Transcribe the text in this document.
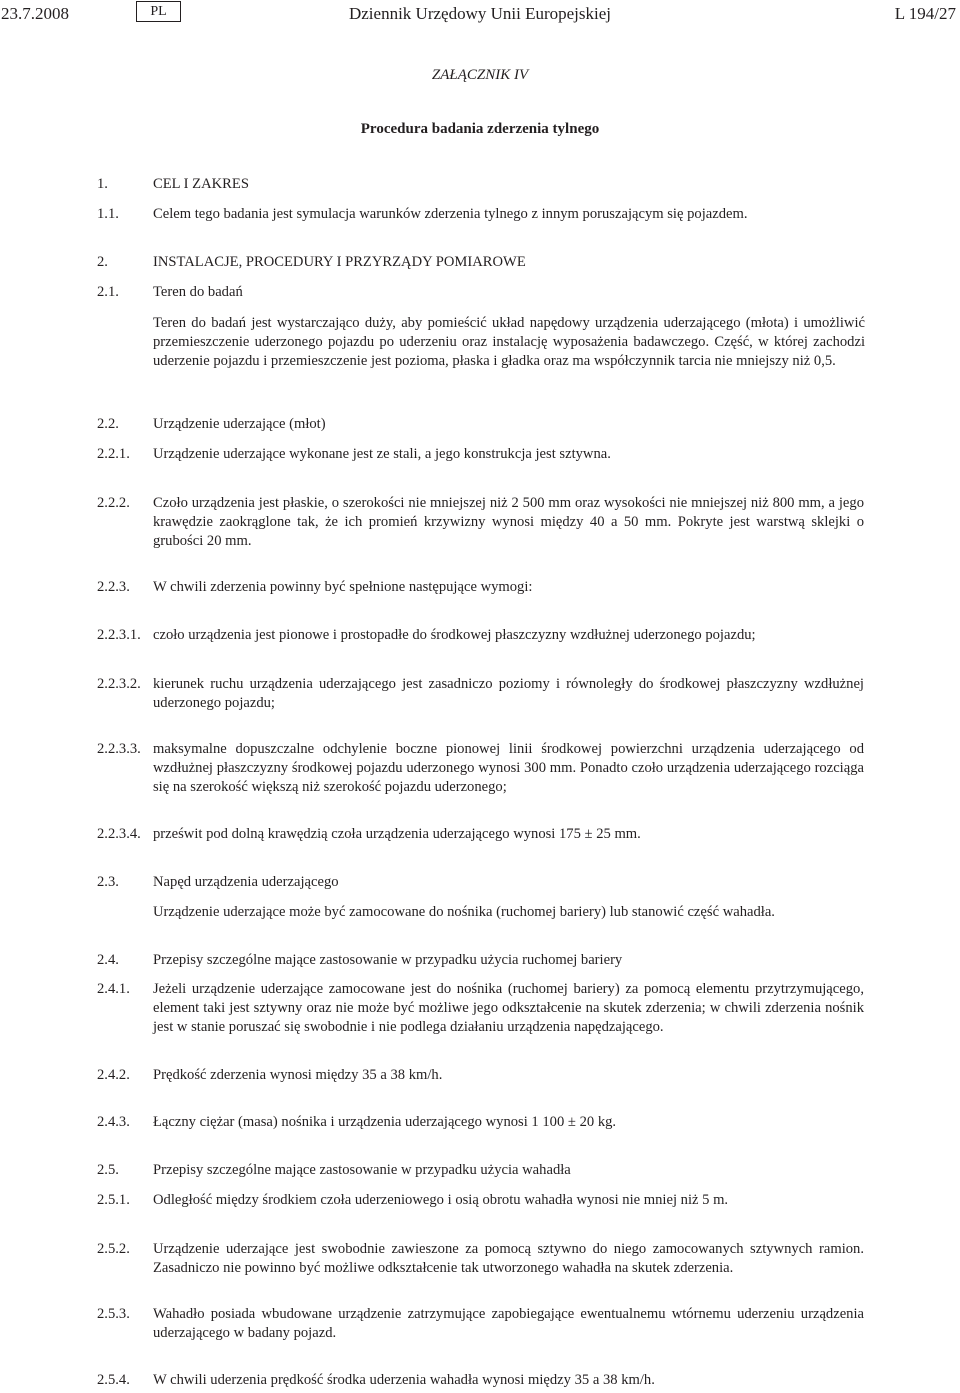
23.7.2008	PL	Dziennik Urzędowy Unii Europejskiej	L 194/27
ZAŁĄCZNIK IV
Procedura badania zderzenia tylnego
1.	CEL I ZAKRES
1.1. Celem tego badania jest symulacja warunków zderzenia tylnego z innym poruszającym się pojazdem.
2.	INSTALACJE, PROCEDURY I PRZYRZĄDY POMIAROWE
2.1. Teren do badań
Teren do badań jest wystarczająco duży, aby pomieścić układ napędowy urządzenia uderzającego (młota) i umożliwić przemieszczenie uderzonego pojazdu po uderzeniu oraz instalację wyposażenia badawczego. Część, w której zachodzi uderzenie pojazdu i przemieszczenie jest pozioma, płaska i gładka oraz ma współczynnik tarcia nie mniejszy niż 0,5.
2.2. Urządzenie uderzające (młot)
2.2.1. Urządzenie uderzające wykonane jest ze stali, a jego konstrukcja jest sztywna.
2.2.2. Czoło urządzenia jest płaskie, o szerokości nie mniejszej niż 2 500 mm oraz wysokości nie mniejszej niż 800 mm, a jego krawędzie zaokrąglone tak, że ich promień krzywizny wynosi między 40 a 50 mm. Pokryte jest warstwą sklejki o grubości 20 mm.
2.2.3. W chwili zderzenia powinny być spełnione następujące wymogi:
2.2.3.1. czoło urządzenia jest pionowe i prostopadłe do środkowej płaszczyzny wzdłużnej uderzonego pojazdu;
2.2.3.2. kierunek ruchu urządzenia uderzającego jest zasadniczo poziomy i równoległy do środkowej płaszczyzny wzdłużnej uderzonego pojazdu;
2.2.3.3. maksymalne dopuszczalne odchylenie boczne pionowej linii środkowej powierzchni urządzenia uderzającego od wzdłużnej płaszczyzny środkowej pojazdu uderzonego wynosi 300 mm. Ponadto czoło urządzenia uderzającego rozciąga się na szerokość większą niż szerokość pojazdu uderzonego;
2.2.3.4. prześwit pod dolną krawędzią czoła urządzenia uderzającego wynosi 175 ± 25 mm.
2.3. Napęd urządzenia uderzającego
Urządzenie uderzające może być zamocowane do nośnika (ruchomej bariery) lub stanowić część wahadła.
2.4. Przepisy szczególne mające zastosowanie w przypadku użycia ruchomej bariery
2.4.1. Jeżeli urządzenie uderzające zamocowane jest do nośnika (ruchomej bariery) za pomocą elementu przytrzymującego, element taki jest sztywny oraz nie może być możliwe jego odkształcenie na skutek zderzenia; w chwili zderzenia nośnik jest w stanie poruszać się swobodnie i nie podlega działaniu urządzenia napędzającego.
2.4.2. Prędkość zderzenia wynosi między 35 a 38 km/h.
2.4.3. Łączny ciężar (masa) nośnika i urządzenia uderzającego wynosi 1 100 ± 20 kg.
2.5. Przepisy szczególne mające zastosowanie w przypadku użycia wahadła
2.5.1. Odległość między środkiem czoła uderzeniowego i osią obrotu wahadła wynosi nie mniej niż 5 m.
2.5.2. Urządzenie uderzające jest swobodnie zawieszone za pomocą sztywno do niego zamocowanych sztywnych ramion. Zasadniczo nie powinno być możliwe odkształcenie tak utworzonego wahadła na skutek zderzenia.
2.5.3. Wahadło posiada wbudowane urządzenie zatrzymujące zapobiegające ewentualnemu wtórnemu uderzeniu urządzenia uderzającego w badany pojazd.
2.5.4. W chwili uderzenia prędkość środka uderzenia wahadła wynosi między 35 a 38 km/h.
